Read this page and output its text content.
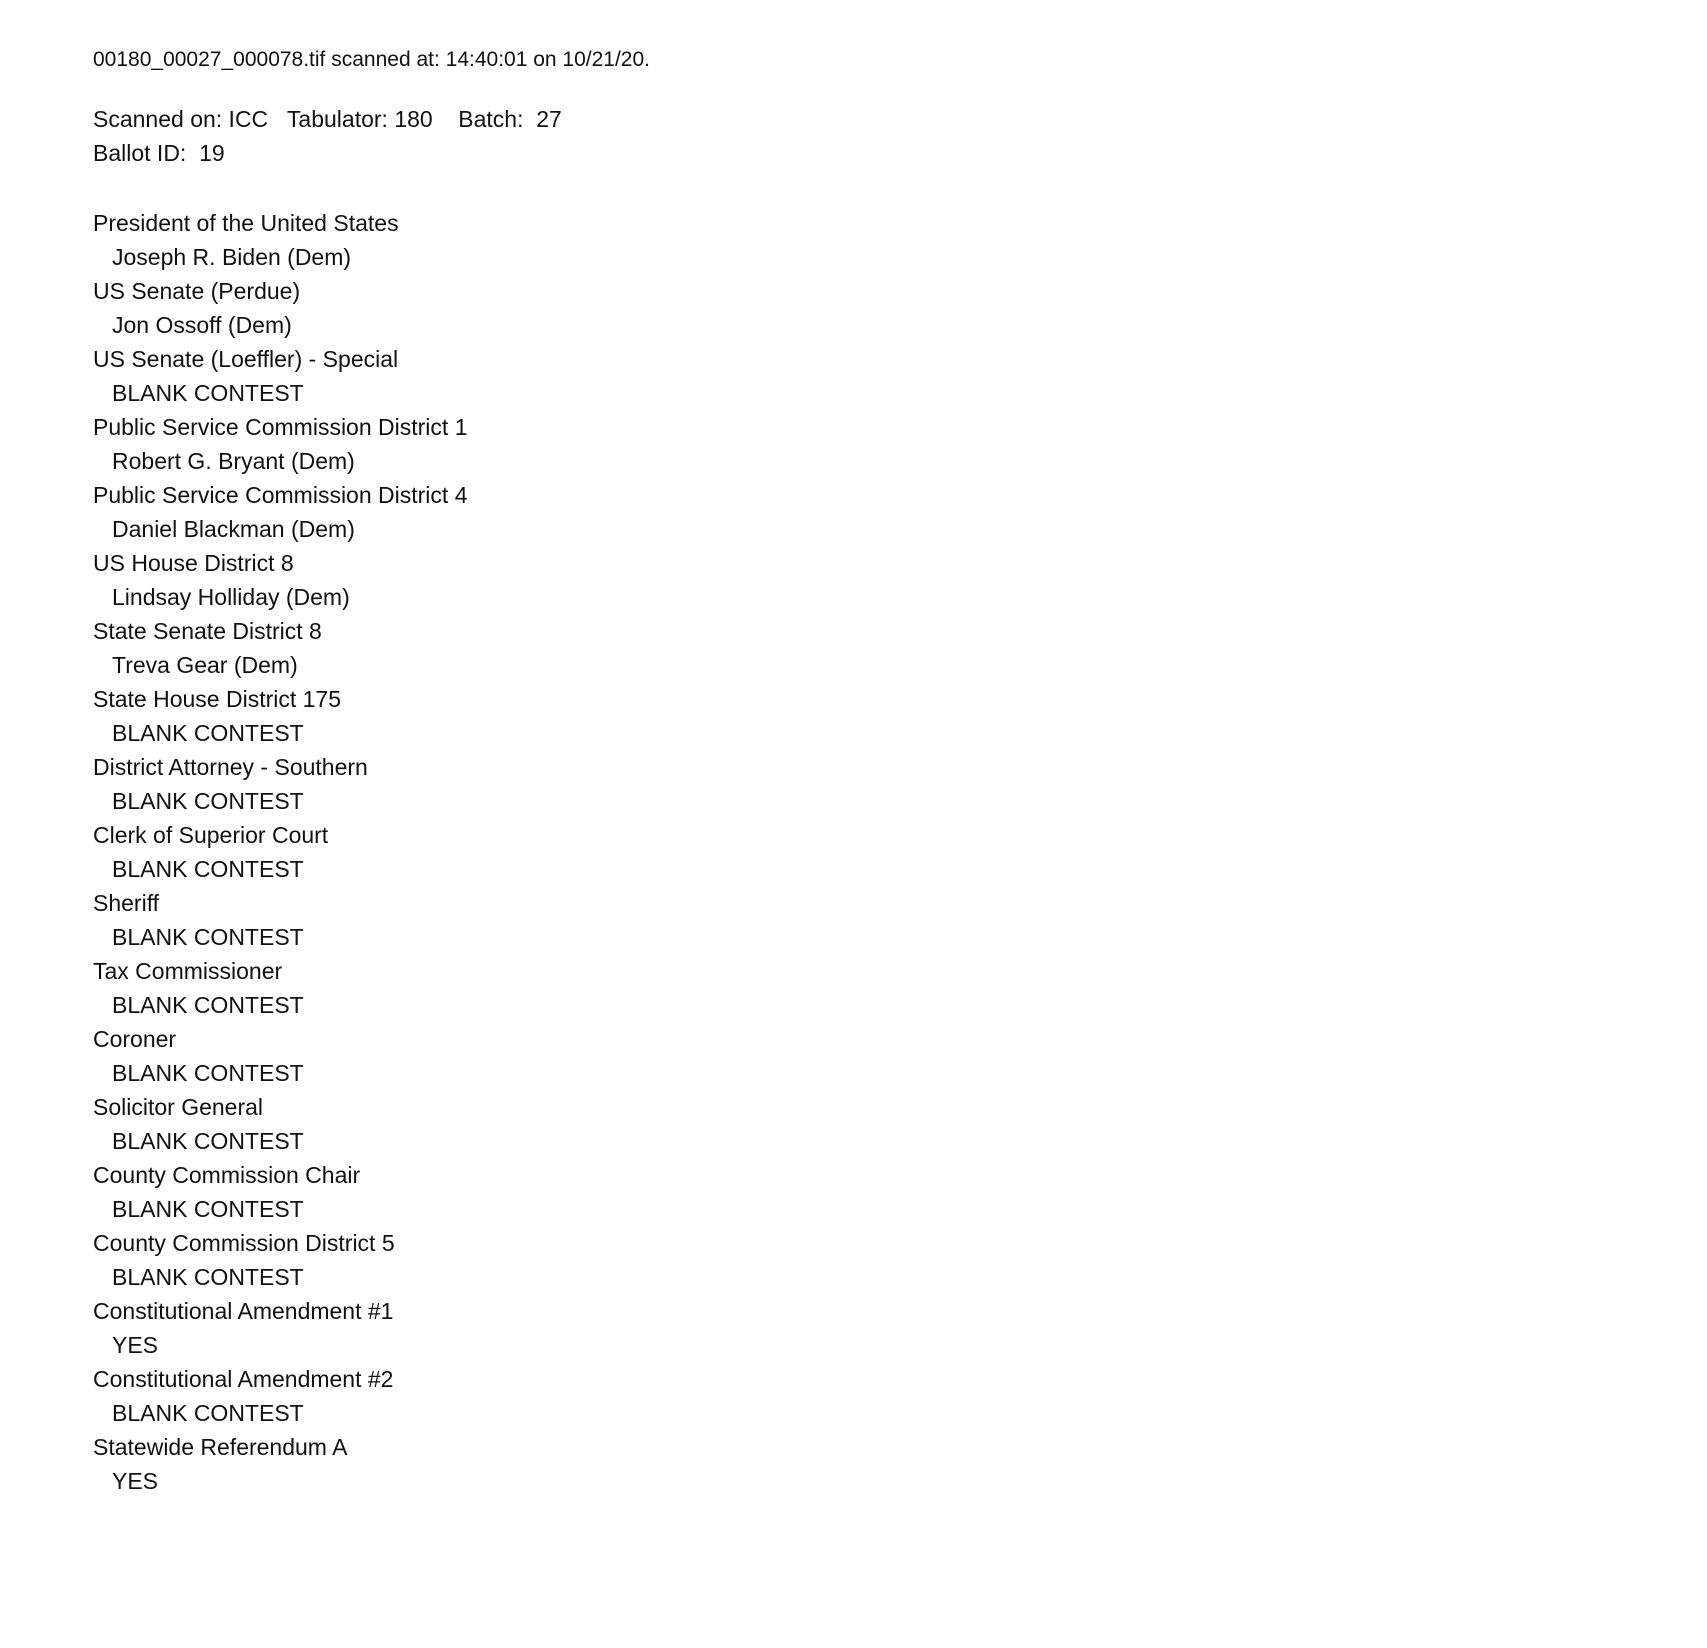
00180_00027_000078.tif scanned at: 14:40:01 on 10/21/20.
Scanned on: ICC   Tabulator: 180    Batch:  27
Ballot ID:  19
President of the United States
Joseph R. Biden (Dem)
US Senate (Perdue)
Jon Ossoff (Dem)
US Senate (Loeffler) - Special
BLANK CONTEST
Public Service Commission District 1
Robert G. Bryant (Dem)
Public Service Commission District 4
Daniel Blackman (Dem)
US House District 8
Lindsay Holliday (Dem)
State Senate District 8
Treva Gear (Dem)
State House District 175
BLANK CONTEST
District Attorney - Southern
BLANK CONTEST
Clerk of Superior Court
BLANK CONTEST
Sheriff
BLANK CONTEST
Tax Commissioner
BLANK CONTEST
Coroner
BLANK CONTEST
Solicitor General
BLANK CONTEST
County Commission Chair
BLANK CONTEST
County Commission District 5
BLANK CONTEST
Constitutional Amendment #1
YES
Constitutional Amendment #2
BLANK CONTEST
Statewide Referendum A
YES
